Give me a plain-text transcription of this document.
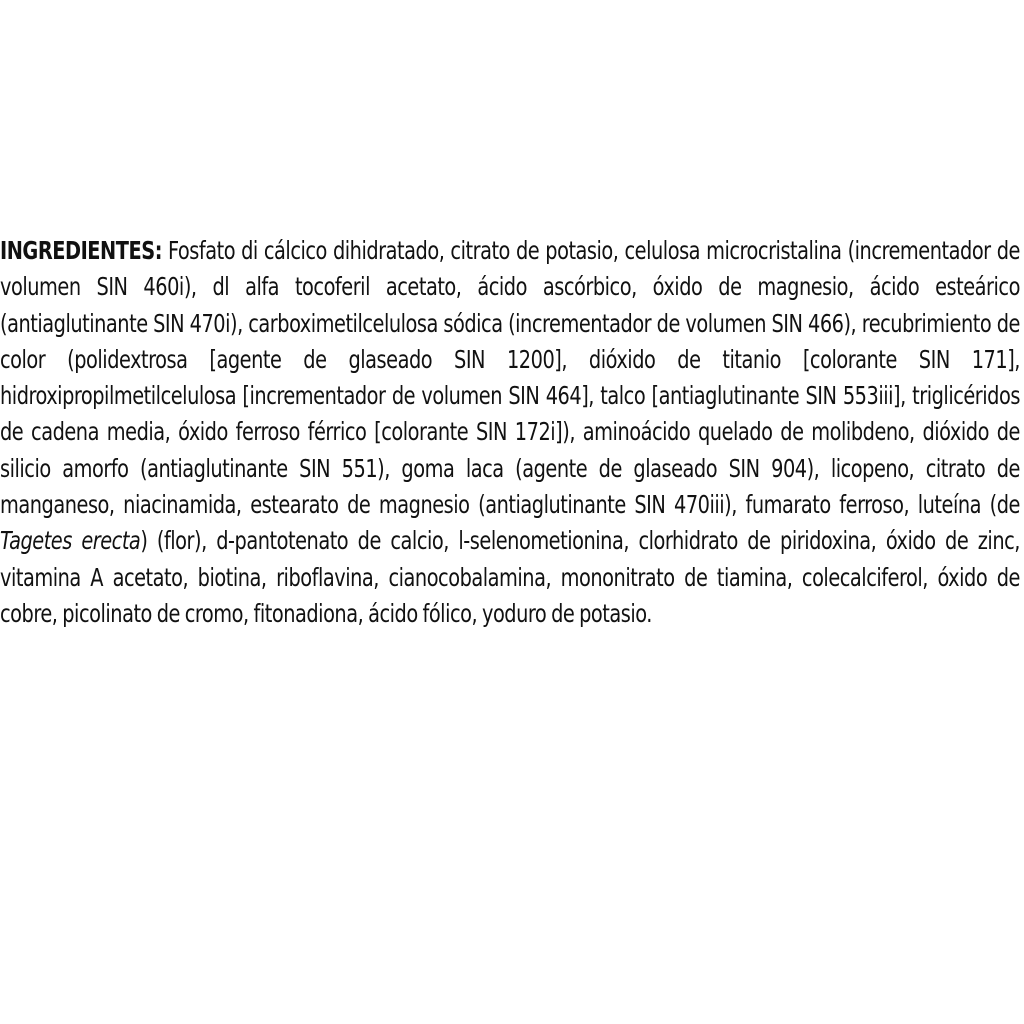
INGREDIENTES: Fosfato di cálcico dihidratado, citrato de potasio, celulosa microcristalina (incrementador de volumen SIN 460i), dl alfa tocoferil acetato, ácido ascórbico, óxido de magnesio, ácido esteárico (antiaglutinante SIN 470i), carboximetilcelulosa sódica (incrementador de volumen SIN 466), recubrimiento de color (polidextrosa [agente de glaseado SIN 1200], dióxido de titanio [colorante SIN 171], hidroxipropilmetilcelulosa [incrementador de volumen SIN 464], talco [antiaglutinante SIN 553iii], triglicéridos de cadena media, óxido ferroso férrico [colorante SIN 172i]), aminoácido quelado de molibdeno, dióxido de silicio amorfo (antiaglutinante SIN 551), goma laca (agente de glaseado SIN 904), licopeno, citrato de manganeso, niacinamida, estearato de magnesio (antiaglutinante SIN 470iii), fumarato ferroso, luteína (de Tagetes erecta) (flor), d-pantotenato de calcio, l-selenometionina, clorhidrato de piridoxina, óxido de zinc, vitamina A acetato, biotina, riboflavina, cianocobalamina, mononitrato de tiamina, colecalciferol, óxido de cobre, picolinato de cromo, fitonadiona, ácido fólico, yoduro de potasio.
